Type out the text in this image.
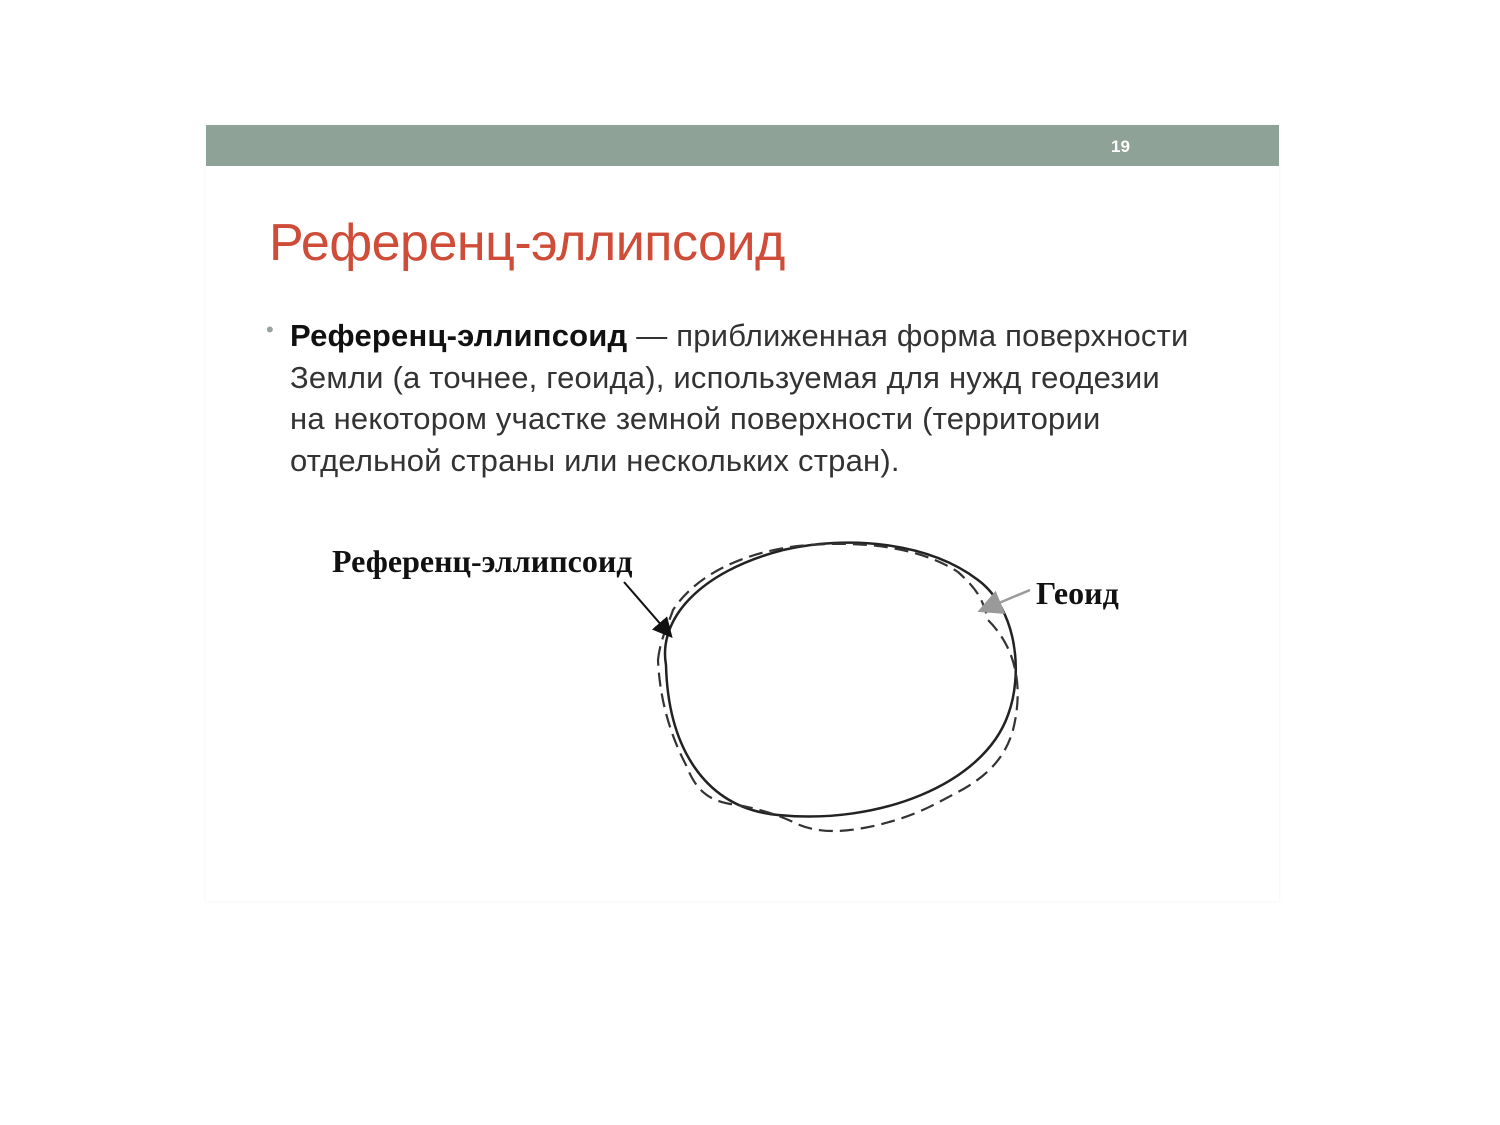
19
Референц-эллипсоид
• Референц-эллипсоид — приближенная форма поверхности Земли (а точнее, геоида), используемая для нужд геодезии на некотором участке земной поверхности (территории отдельной страны или нескольких стран).
Референц-эллипсоид
Геоид
